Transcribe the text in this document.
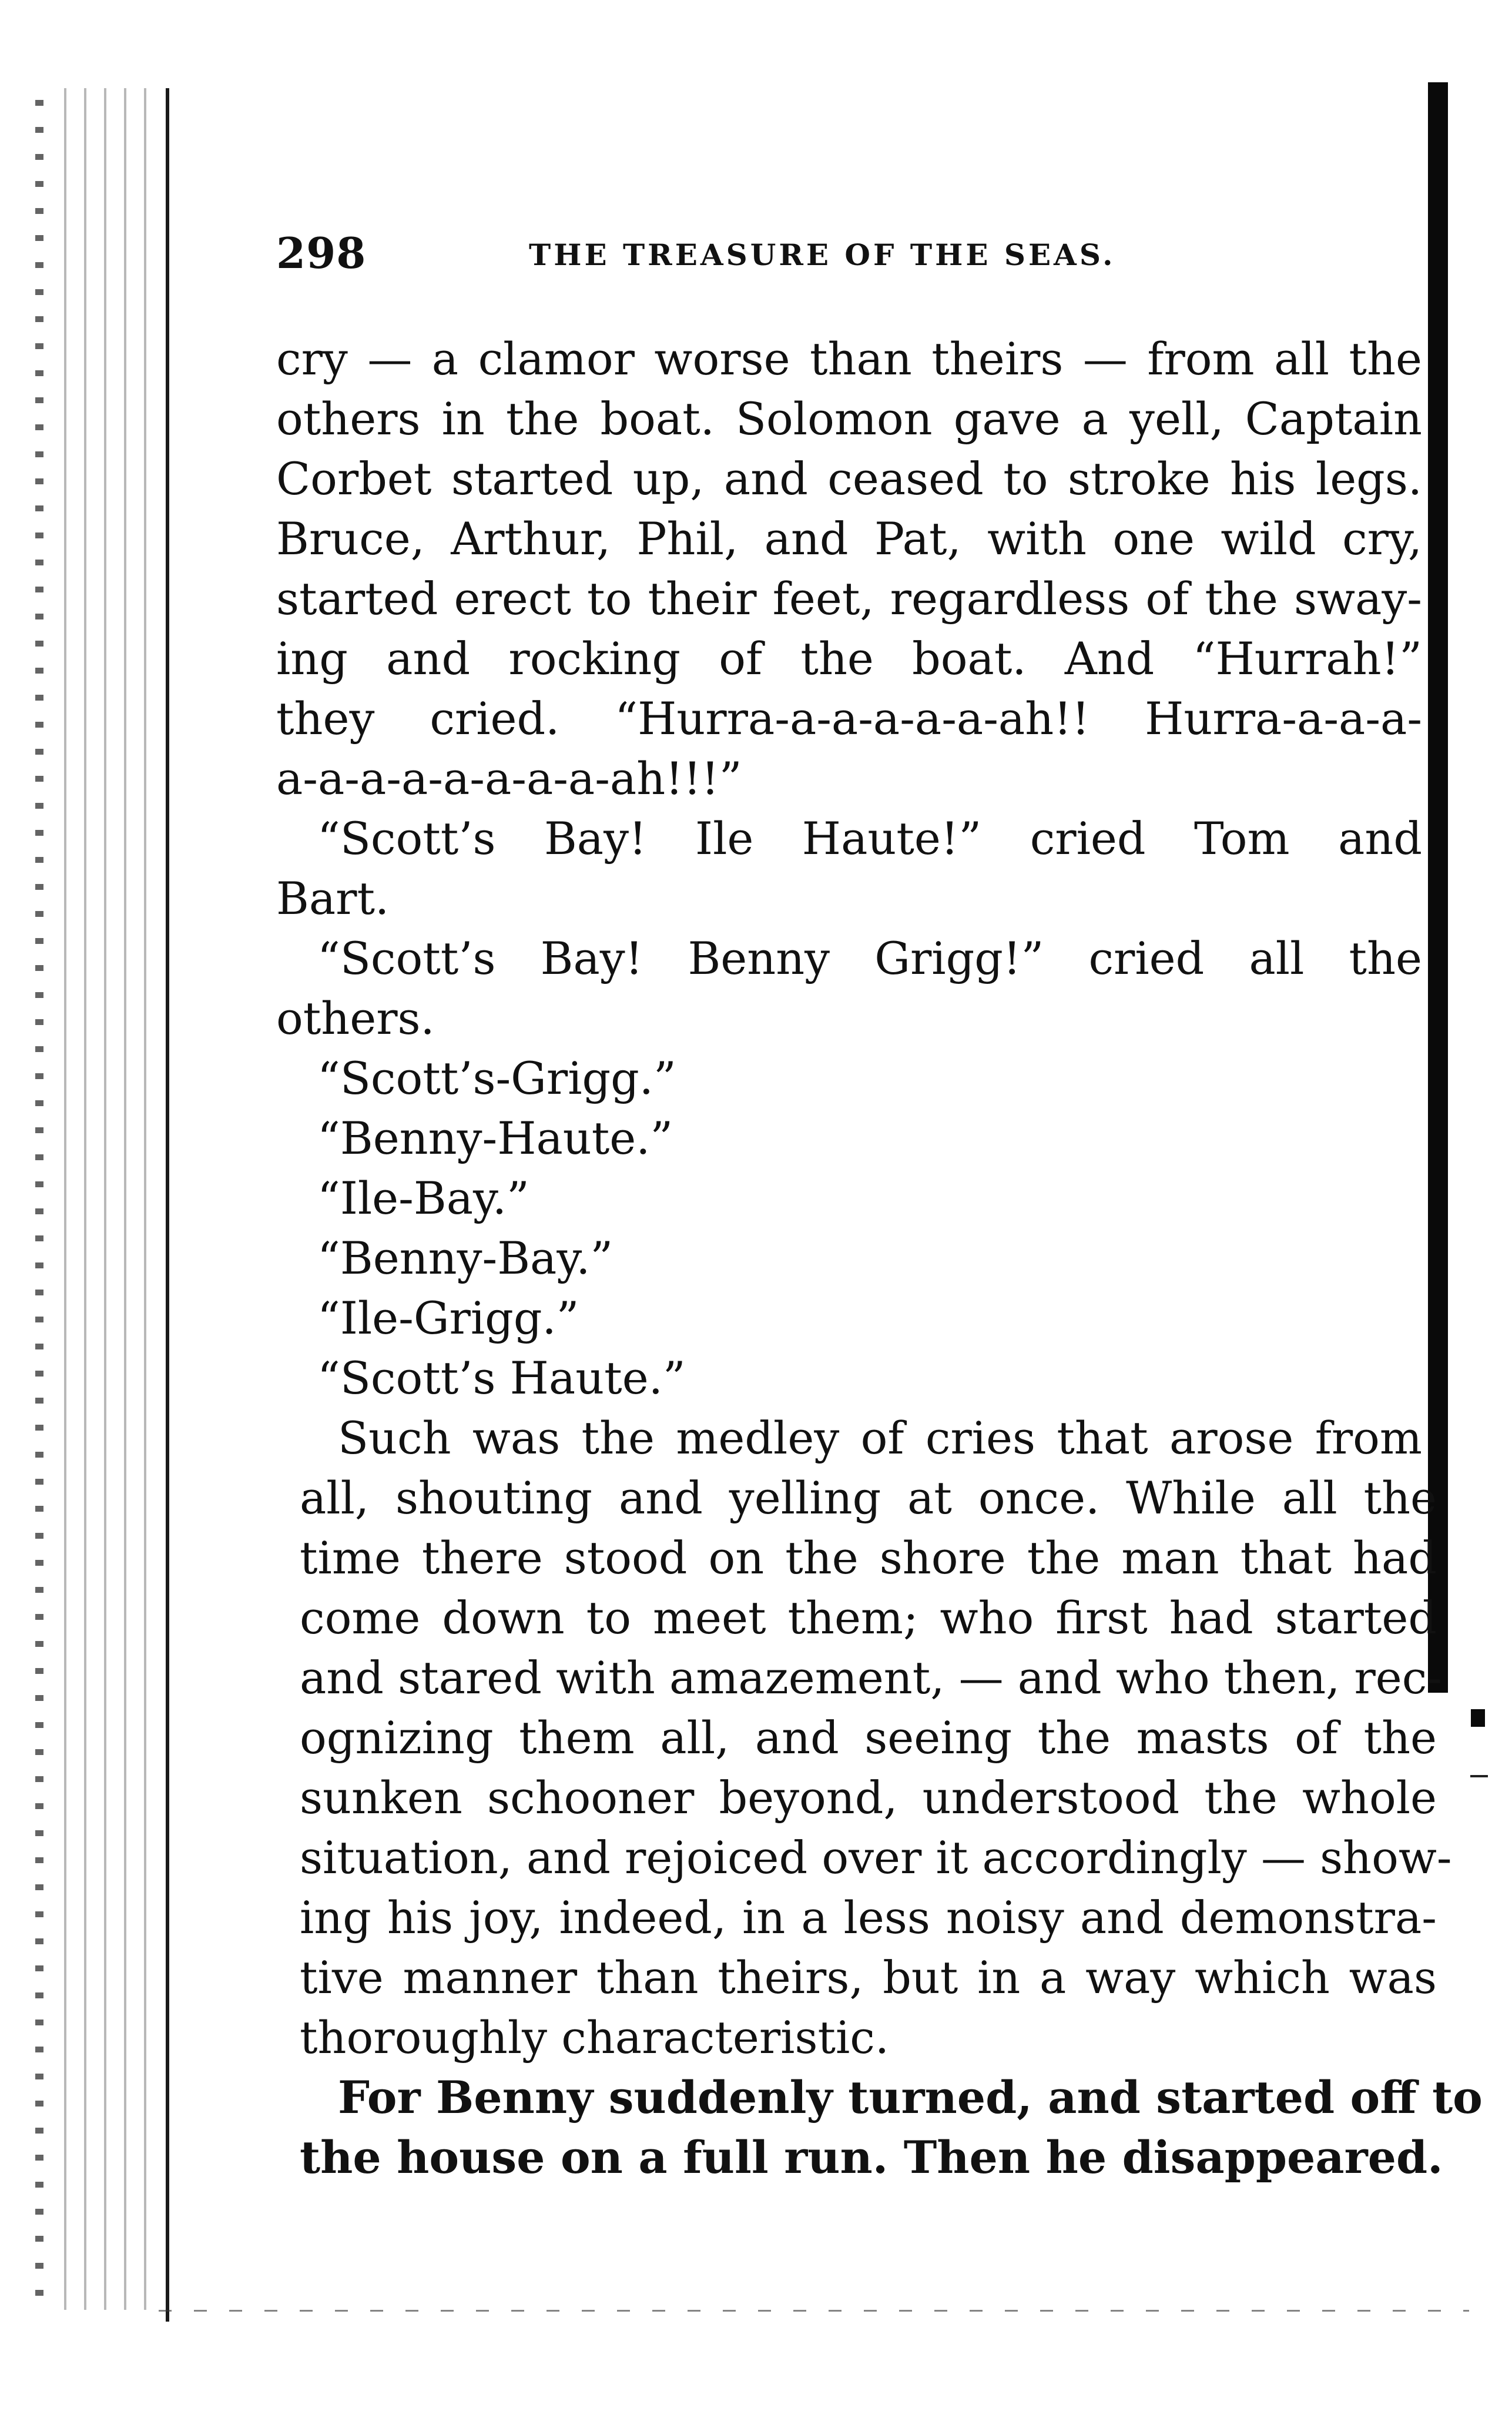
298	THE TREASURE OF THE SEAS.
cry — a clamor worse than theirs — from all the
others in the boat. Solomon gave a yell, Captain
Corbet started up, and ceased to stroke his legs.
Bruce, Arthur, Phil, and Pat, with one wild cry,
started erect to their feet, regardless of the sway-
ing and rocking of the boat. And “Hurrah!”
they cried. “Hurra-a-a-a-a-a-ah!! Hurra-a-a-a-
a-a-a-a-a-a-a-a-ah!!!”
“Scott’s Bay! Ile Haute!” cried Tom and
Bart.
“Scott’s Bay! Benny Grigg!” cried all the
others.
“Scott’s-Grigg.”
“Benny-Haute.”
“Ile-Bay.”
“Benny-Bay.”
“Ile-Grigg.”
“Scott’s Haute.”
Such was the medley of cries that arose from
all, shouting and yelling at once. While all the
time there stood on the shore the man that had
come down to meet them; who first had started
and stared with amazement, — and who then, rec-
ognizing them all, and seeing the masts of the
sunken schooner beyond, understood the whole
situation, and rejoiced over it accordingly — show-
ing his joy, indeed, in a less noisy and demonstra-
tive manner than theirs, but in a way which was
thoroughly characteristic.
For Benny suddenly turned, and started off to
the house on a full run. Then he disappeared.
